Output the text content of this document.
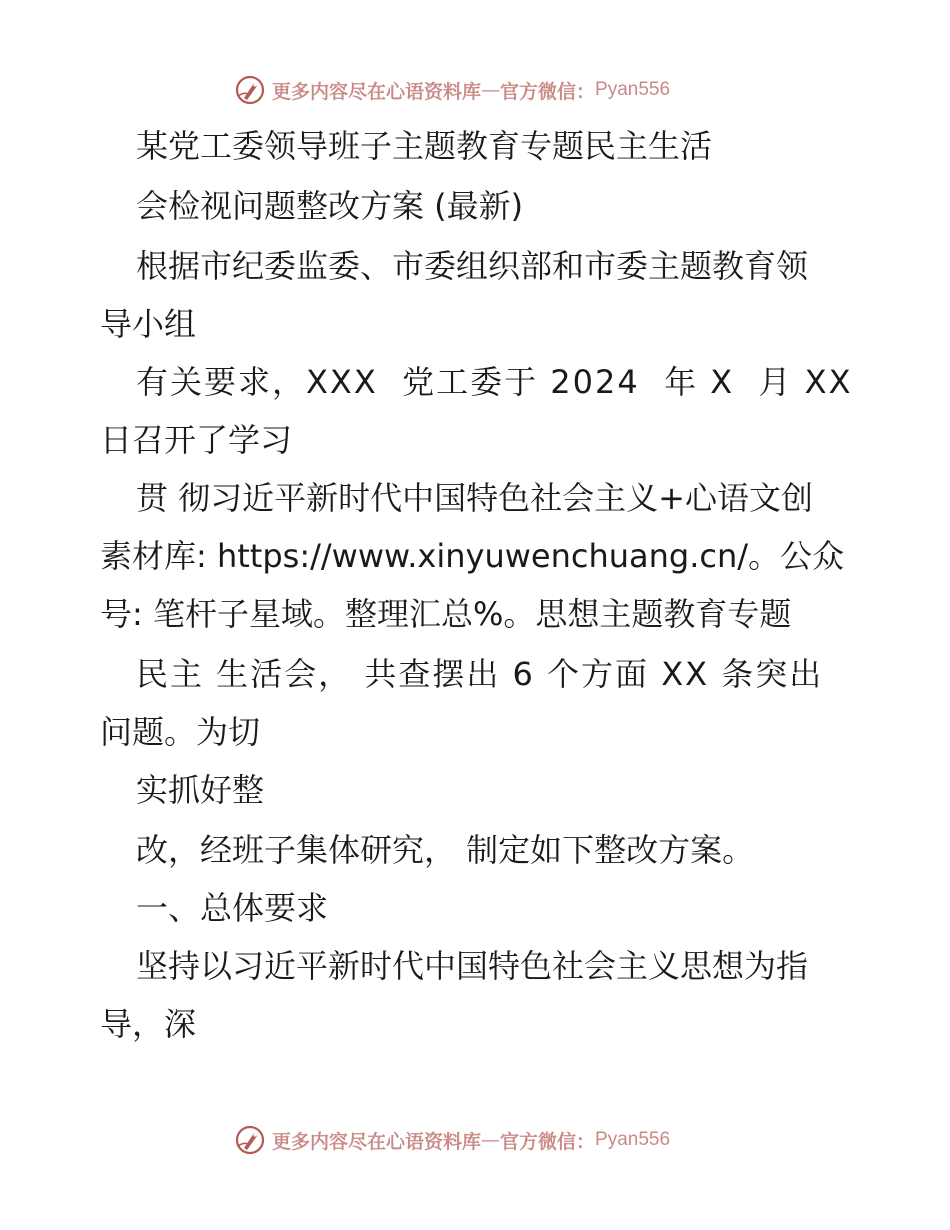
更多内容尽在心语资料库 — 官方微信： Pyan556
某党工委领导班子主题教育专题民主生活
会检视问题整改方案 (最新)
根据市纪委监委、市委组织部和市委主题教育领
导小组
有关要求，XXX  党工委于 2024  年 X  月 XX
日召开了学习
贯 彻习近平新时代中国特色社会主义+心语文创
素材库: https://www.xinyuwenchuang.cn/。公众
号: 笔杆子星域。整理汇总%。思想主题教育专题
民主 生活会， 共查摆出 6 个方面 XX 条突出
问题。为切
实抓好整
改，经班子集体研究， 制定如下整改方案。
一、总体要求
坚持以习近平新时代中国特色社会主义思想为指
导，深
更多内容尽在心语资料库 — 官方微信： Pyan556
